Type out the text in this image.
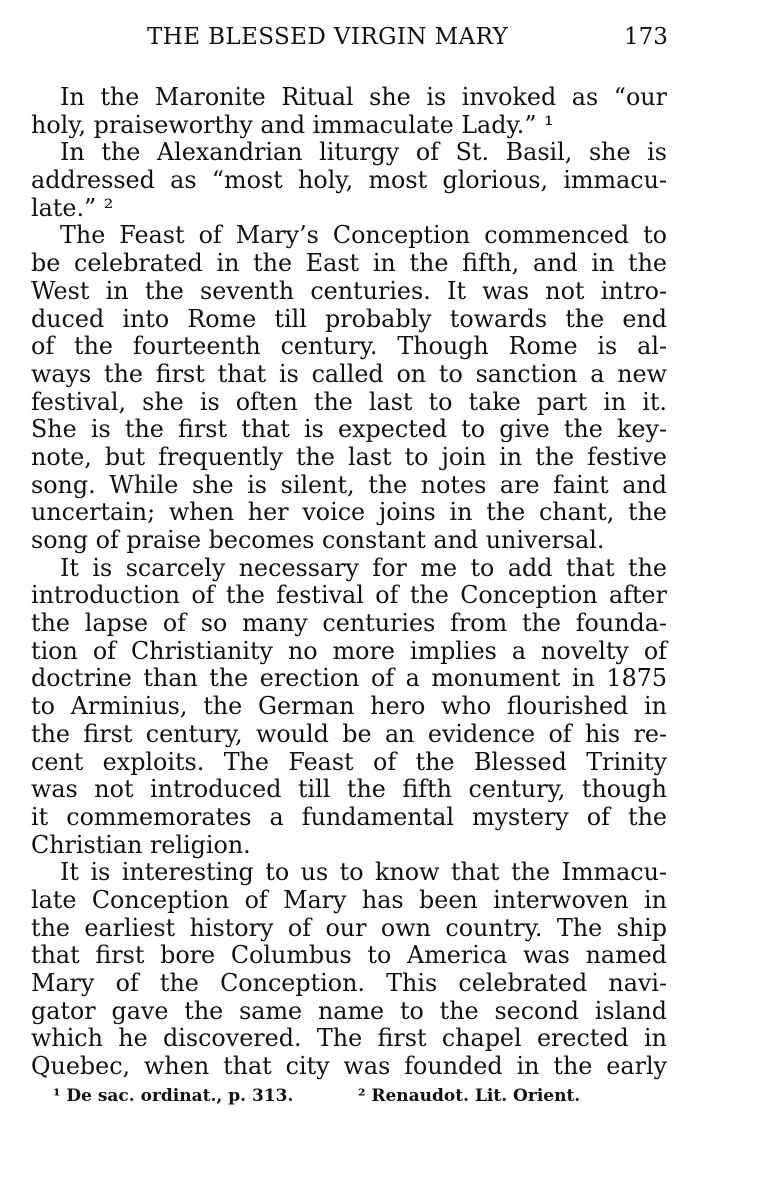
THE BLESSED VIRGIN MARY	173
In the Maronite Ritual she is invoked as “our
holy, praiseworthy and immaculate Lady.” ¹
In the Alexandrian liturgy of St. Basil, she is
addressed as “most holy, most glorious, immacu-
late.” ²
The Feast of Mary’s Conception commenced to
be celebrated in the East in the fifth, and in the
West in the seventh centuries. It was not intro-
duced into Rome till probably towards the end
of the fourteenth century. Though Rome is al-
ways the first that is called on to sanction a new
festival, she is often the last to take part in it.
She is the first that is expected to give the key-
note, but frequently the last to join in the festive
song. While she is silent, the notes are faint and
uncertain; when her voice joins in the chant, the
song of praise becomes constant and universal.
It is scarcely necessary for me to add that the
introduction of the festival of the Conception after
the lapse of so many centuries from the founda-
tion of Christianity no more implies a novelty of
doctrine than the erection of a monument in 1875
to Arminius, the German hero who flourished in
the first century, would be an evidence of his re-
cent exploits. The Feast of the Blessed Trinity
was not introduced till the fifth century, though
it commemorates a fundamental mystery of the
Christian religion.
It is interesting to us to know that the Immacu-
late Conception of Mary has been interwoven in
the earliest history of our own country. The ship
that first bore Columbus to America was named
Mary of the Conception. This celebrated navi-
gator gave the same name to the second island
which he discovered. The first chapel erected in
Quebec, when that city was founded in the early
¹ De sac. ordinat., p. 313.	² Renaudot. Lit. Orient.
